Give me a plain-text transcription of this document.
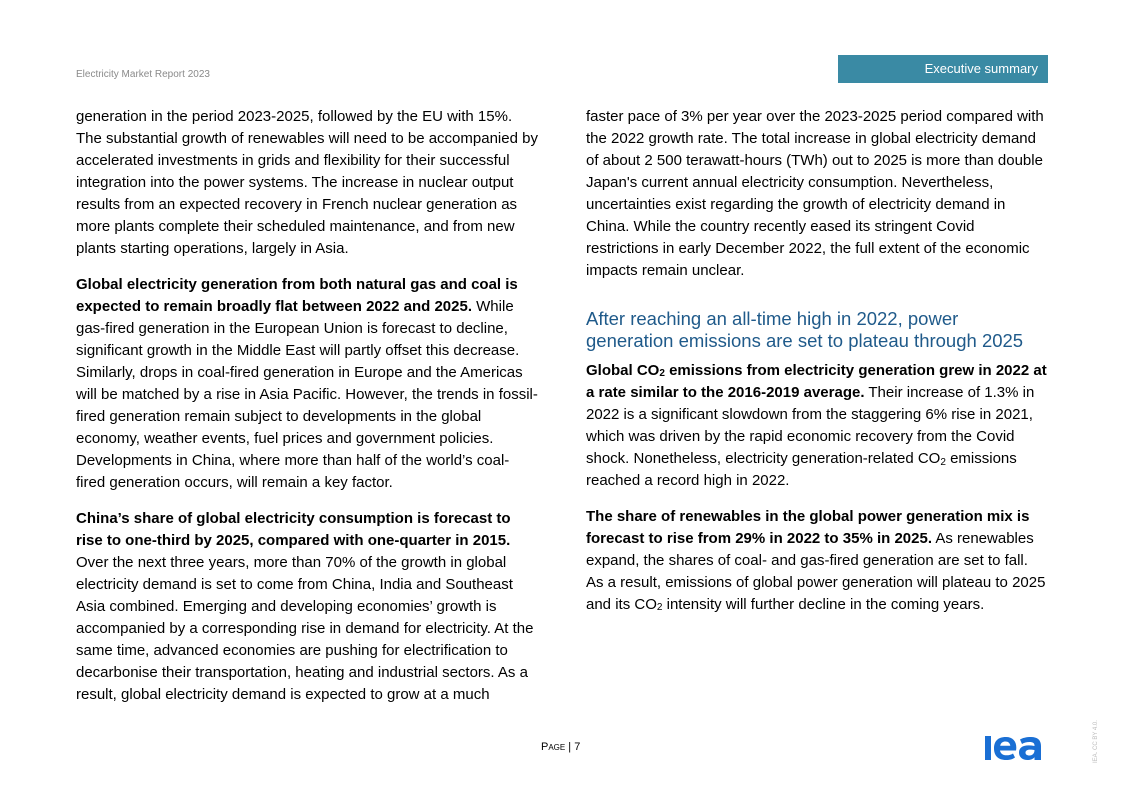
Electricity Market Report 2023	Executive summary

generation in the period 2023-2025, followed by the EU with 15%. The substantial growth of renewables will need to be accompanied by accelerated investments in grids and flexibility for their successful integration into the power systems. The increase in nuclear output results from an expected recovery in French nuclear generation as more plants complete their scheduled maintenance, and from new plants starting operations, largely in Asia.

Global electricity generation from both natural gas and coal is expected to remain broadly flat between 2022 and 2025. While gas-fired generation in the European Union is forecast to decline, significant growth in the Middle East will partly offset this decrease. Similarly, drops in coal-fired generation in Europe and the Americas will be matched by a rise in Asia Pacific. However, the trends in fossil-fired generation remain subject to developments in the global economy, weather events, fuel prices and government policies. Developments in China, where more than half of the world’s coal-fired generation occurs, will remain a key factor.

China’s share of global electricity consumption is forecast to rise to one-third by 2025, compared with one-quarter in 2015. Over the next three years, more than 70% of the growth in global electricity demand is set to come from China, India and Southeast Asia combined. Emerging and developing economies’ growth is accompanied by a corresponding rise in demand for electricity. At the same time, advanced economies are pushing for electrification to decarbonise their transportation, heating and industrial sectors. As a result, global electricity demand is expected to grow at a much

faster pace of 3% per year over the 2023-2025 period compared with the 2022 growth rate. The total increase in global electricity demand of about 2 500 terawatt-hours (TWh) out to 2025 is more than double Japan's current annual electricity consumption. Nevertheless, uncertainties exist regarding the growth of electricity demand in China. While the country recently eased its stringent Covid restrictions in early December 2022, the full extent of the economic impacts remain unclear.

After reaching an all-time high in 2022, power generation emissions are set to plateau through 2025

Global CO2 emissions from electricity generation grew in 2022 at a rate similar to the 2016-2019 average. Their increase of 1.3% in 2022 is a significant slowdown from the staggering 6% rise in 2021, which was driven by the rapid economic recovery from the Covid shock. Nonetheless, electricity generation-related $CO_2$ emissions reached a record high in 2022.

The share of renewables in the global power generation mix is forecast to rise from 29% in 2022 to 35% in 2025. As renewables expand, the shares of coal- and gas-fired generation are set to fall. As a result, emissions of global power generation will plateau to 2025 and its CO2 intensity will further decline in the coming years.

Page | 7	IEA. CC BY 4.0.
